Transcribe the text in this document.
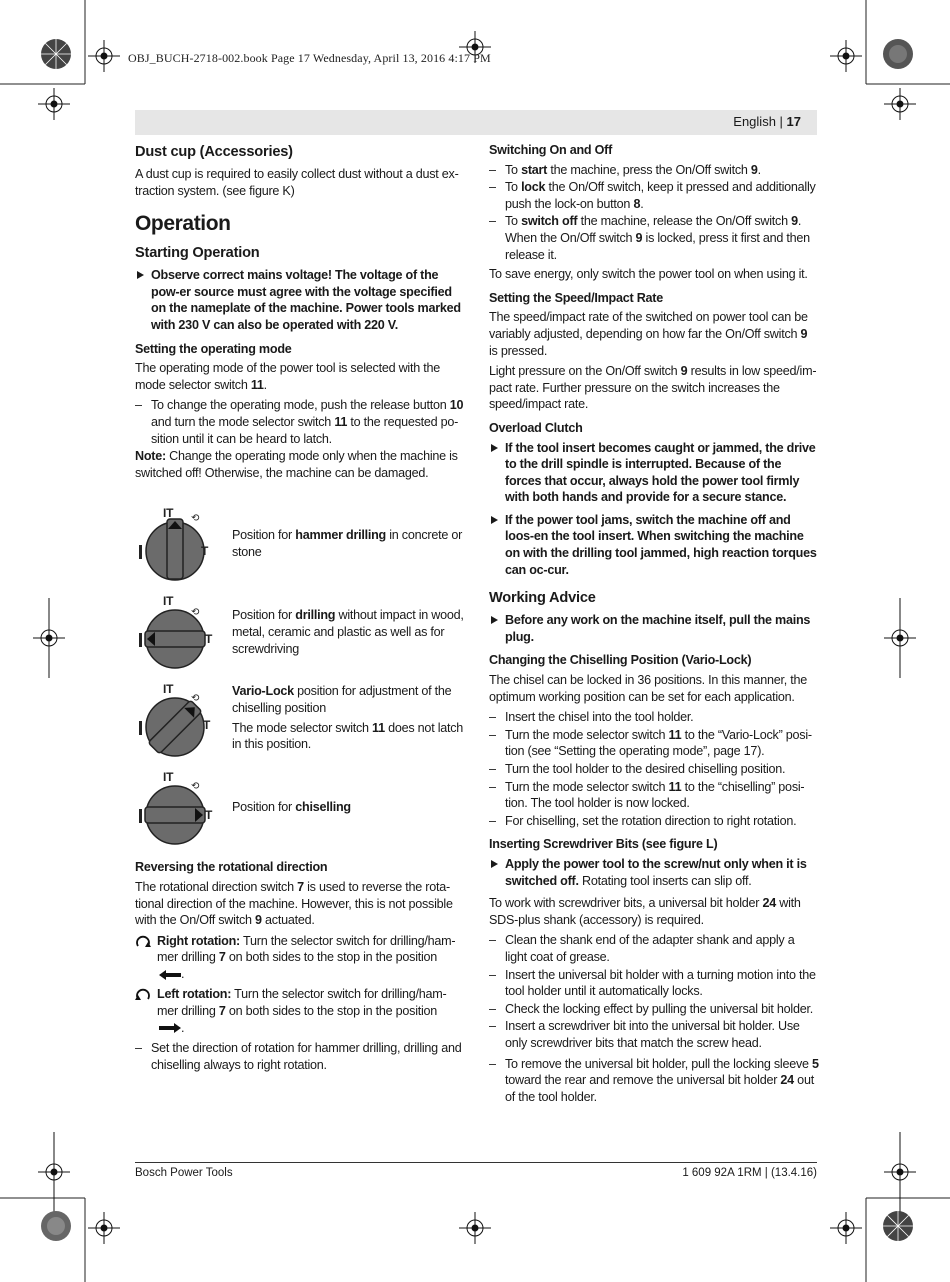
OBJ_BUCH-2718-002.book Page 17 Wednesday, April 13, 2016 4:17 PM
English | 17
Dust cup (Accessories)

A dust cup is required to easily collect dust without a dust ex-traction system. (see figure K)

Operation
Starting Operation
Observe correct mains voltage! The voltage of the pow-er source must agree with the voltage specified on the nameplate of the machine. Power tools marked with 230 V can also be operated with 220 V.
Setting the operating mode

The operating mode of the power tool is selected with the mode selector switch 11.

– To change the operating mode, push the release button 10 and turn the mode selector switch 11 to the requested po-sition until it can be heard to latch.

Note: Change the operating mode only when the machine is switched off! Otherwise, the machine can be damaged.

IT ⟲
T
Position for hammer drilling in concrete or stone
IT
⟲
T
Position for drilling without impact in wood, metal, ceramic and plastic as well as for screwdriving
IT
⟲
T
Vario-Lock position for adjustment of the chiselling position
The mode selector switch 11 does not latch in this position.
IT
⟲
T
Position for chiselling
Reversing the rotational direction

The rotational direction switch 7 is used to reverse the rota-tional direction of the machine. However, this is not possible with the On/Off switch 9 actuated.

Right rotation: Turn the selector switch for drilling/ham-mer drilling 7 on both sides to the stop in the position
.
Left rotation: Turn the selector switch for drilling/ham-mer drilling 7 on both sides to the stop in the position
.
– Set the direction of rotation for hammer drilling, drilling and chiselling always to right rotation.
Switching On and Off
– To start the machine, press the On/Off switch 9.
– To lock the On/Off switch, keep it pressed and additionally push the lock-on button 8.
– To switch off the machine, release the On/Off switch 9. When the On/Off switch 9 is locked, press it first and then release it.

To save energy, only switch the power tool on when using it.

Setting the Speed/Impact Rate

The speed/impact rate of the switched on power tool can be variably adjusted, depending on how far the On/Off switch 9 is pressed.

Light pressure on the On/Off switch 9 results in low speed/im-pact rate. Further pressure on the switch increases the speed/impact rate.

Overload Clutch
If the tool insert becomes caught or jammed, the drive to the drill spindle is interrupted. Because of the forces that occur, always hold the power tool firmly with both hands and provide for a secure stance.
If the power tool jams, switch the machine off and loos-en the tool insert. When switching the machine on with the drilling tool jammed, high reaction torques can oc-cur.
Working Advice
Before any work on the machine itself, pull the mains plug.
Changing the Chiselling Position (Vario-Lock)

The chisel can be locked in 36 positions. In this manner, the optimum working position can be set for each application.

– Insert the chisel into the tool holder.
– Turn the mode selector switch 11 to the “Vario-Lock” posi-tion (see “Setting the operating mode”, page 17).
– Turn the tool holder to the desired chiselling position.
– Turn the mode selector switch 11 to the “chiselling” posi-tion. The tool holder is now locked.
– For chiselling, set the rotation direction to right rotation.
Inserting Screwdriver Bits (see figure L)
Apply the power tool to the screw/nut only when it is switched off. Rotating tool inserts can slip off.

To work with screwdriver bits, a universal bit holder 24 with SDS-plus shank (accessory) is required.

– Clean the shank end of the adapter shank and apply a light coat of grease.
– Insert the universal bit holder with a turning motion into the tool holder until it automatically locks.
– Check the locking effect by pulling the universal bit holder.
– Insert a screwdriver bit into the universal bit holder. Use only screwdriver bits that match the screw head.
– To remove the universal bit holder, pull the locking sleeve 5 toward the rear and remove the universal bit holder 24 out of the tool holder.
Bosch Power Tools	1 609 92A 1RM | (13.4.16)
